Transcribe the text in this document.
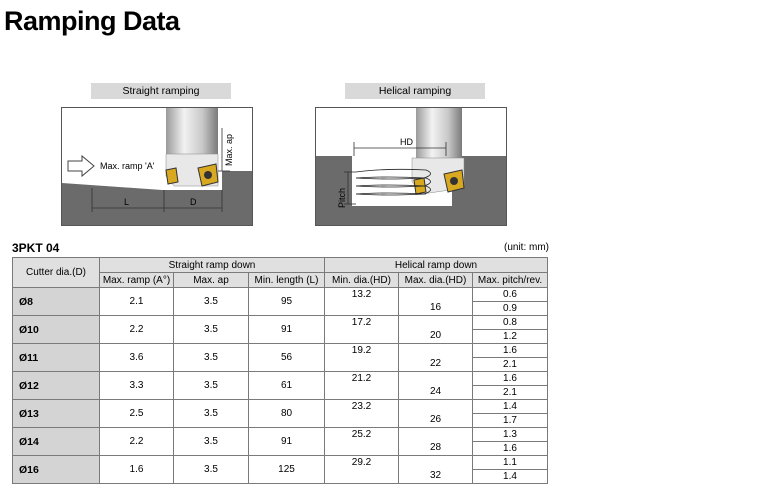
Ramping Data
Straight ramping
Max. ap
Max. ramp 'A'
L	D
Helical ramping
HD
Pitch
3PKT 04	(unit: mm)
Cutter dia.(D)	Straight ramp down			Helical ramp down		
	Max. ramp (A°)	Max. ap	Min. length (L)	Min. dia.(HD)	Max. dia.(HD)	Max. pitch/rev.
Ø8	2.1	3.5	95	13.2		0.6
					16	0.9
Ø10	2.2	3.5	91	17.2		0.8
					20	1.2
Ø11	3.6	3.5	56	19.2		1.6
					22	2.1
Ø12	3.3	3.5	61	21.2		1.6
					24	2.1
Ø13	2.5	3.5	80	23.2		1.4
					26	1.7
Ø14	2.2	3.5	91	25.2		1.3
					28	1.6
Ø16	1.6	3.5	125	29.2		1.1
					32	1.4
